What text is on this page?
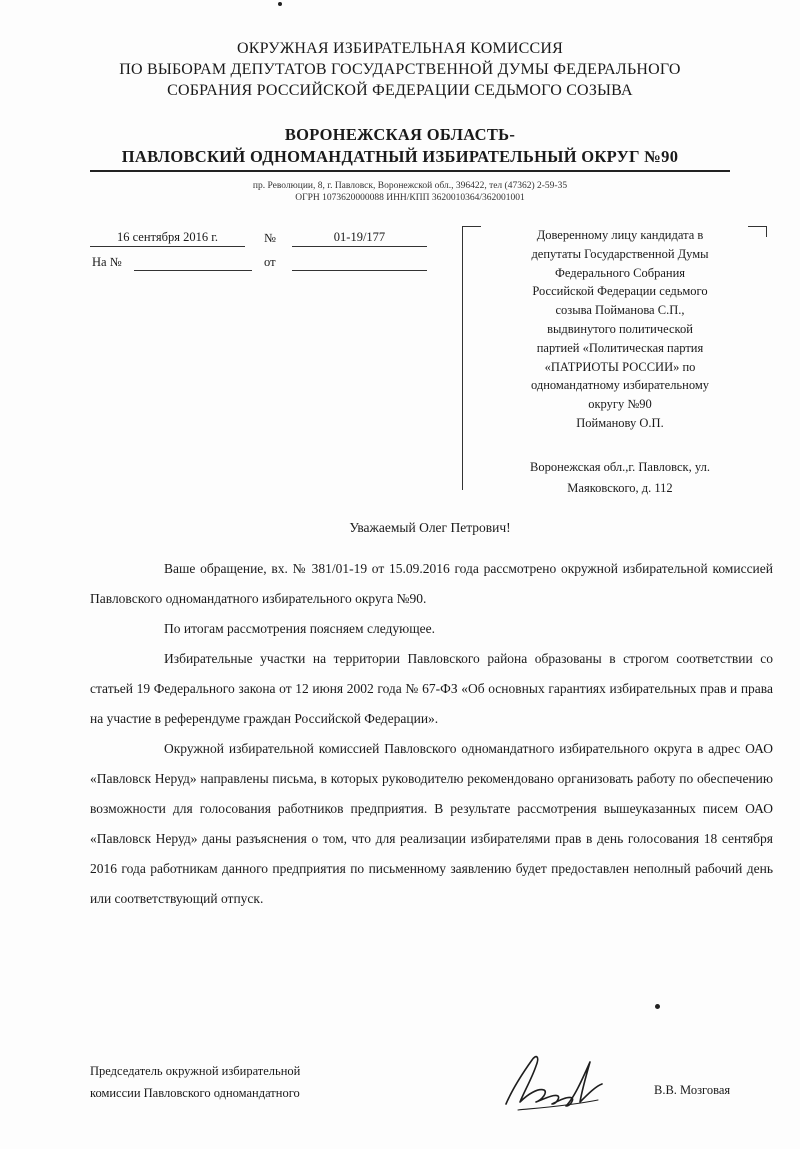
ОКРУЖНАЯ ИЗБИРАТЕЛЬНАЯ КОМИССИЯ
ПО ВЫБОРАМ ДЕПУТАТОВ ГОСУДАРСТВЕННОЙ ДУМЫ ФЕДЕРАЛЬНОГО
СОБРАНИЯ РОССИЙСКОЙ ФЕДЕРАЦИИ СЕДЬМОГО СОЗЫВА
ВОРОНЕЖСКАЯ ОБЛАСТЬ-
ПАВЛОВСКИЙ ОДНОМАНДАТНЫЙ ИЗБИРАТЕЛЬНЫЙ ОКРУГ №90
пр. Революции, 8, г. Павловск, Воронежской обл., 396422, тел (47362) 2-59-35
ОГРН 1073620000088 ИНН/КПП 3620010364/362001001
16 сентября 2016 г.	№	01-19/177
На №	от
Доверенному лицу кандидата в
депутаты Государственной Думы
Федерального Собрания
Российской Федерации седьмого
созыва Пойманова С.П.,
выдвинутого политической
партией «Политическая партия
«ПАТРИОТЫ РОССИИ» по
одномандатному избирательному
округу №90
Пойманову О.П.
Воронежская обл.,г. Павловск, ул.
Маяковского, д. 112
Уважаемый Олег Петрович!

Ваше обращение, вх. № 381/01-19 от 15.09.2016 года рассмотрено окружной избирательной комиссией Павловского одномандатного избирательного округа №90.

По итогам рассмотрения поясняем следующее.

Избирательные участки на территории Павловского района образованы в строгом соответствии со статьей 19 Федерального закона от 12 июня 2002 года № 67-ФЗ «Об основных гарантиях избирательных прав и права на участие в референдуме граждан Российской Федерации».

Окружной избирательной комиссией Павловского одномандатного избирательного округа в адрес ОАО «Павловск Неруд» направлены письма, в которых руководителю рекомендовано организовать работу по обеспечению возможности для голосования работников предприятия. В результате рассмотрения вышеуказанных писем ОАО «Павловск Неруд» даны разъяснения о том, что для реализации избирателями прав в день голосования 18 сентября 2016 года работникам данного предприятия по письменному заявлению будет предоставлен неполный рабочий день или соответствующий отпуск.

Председатель окружной избирательной
комиссии Павловского одномандатного	В.В. Мозговая
